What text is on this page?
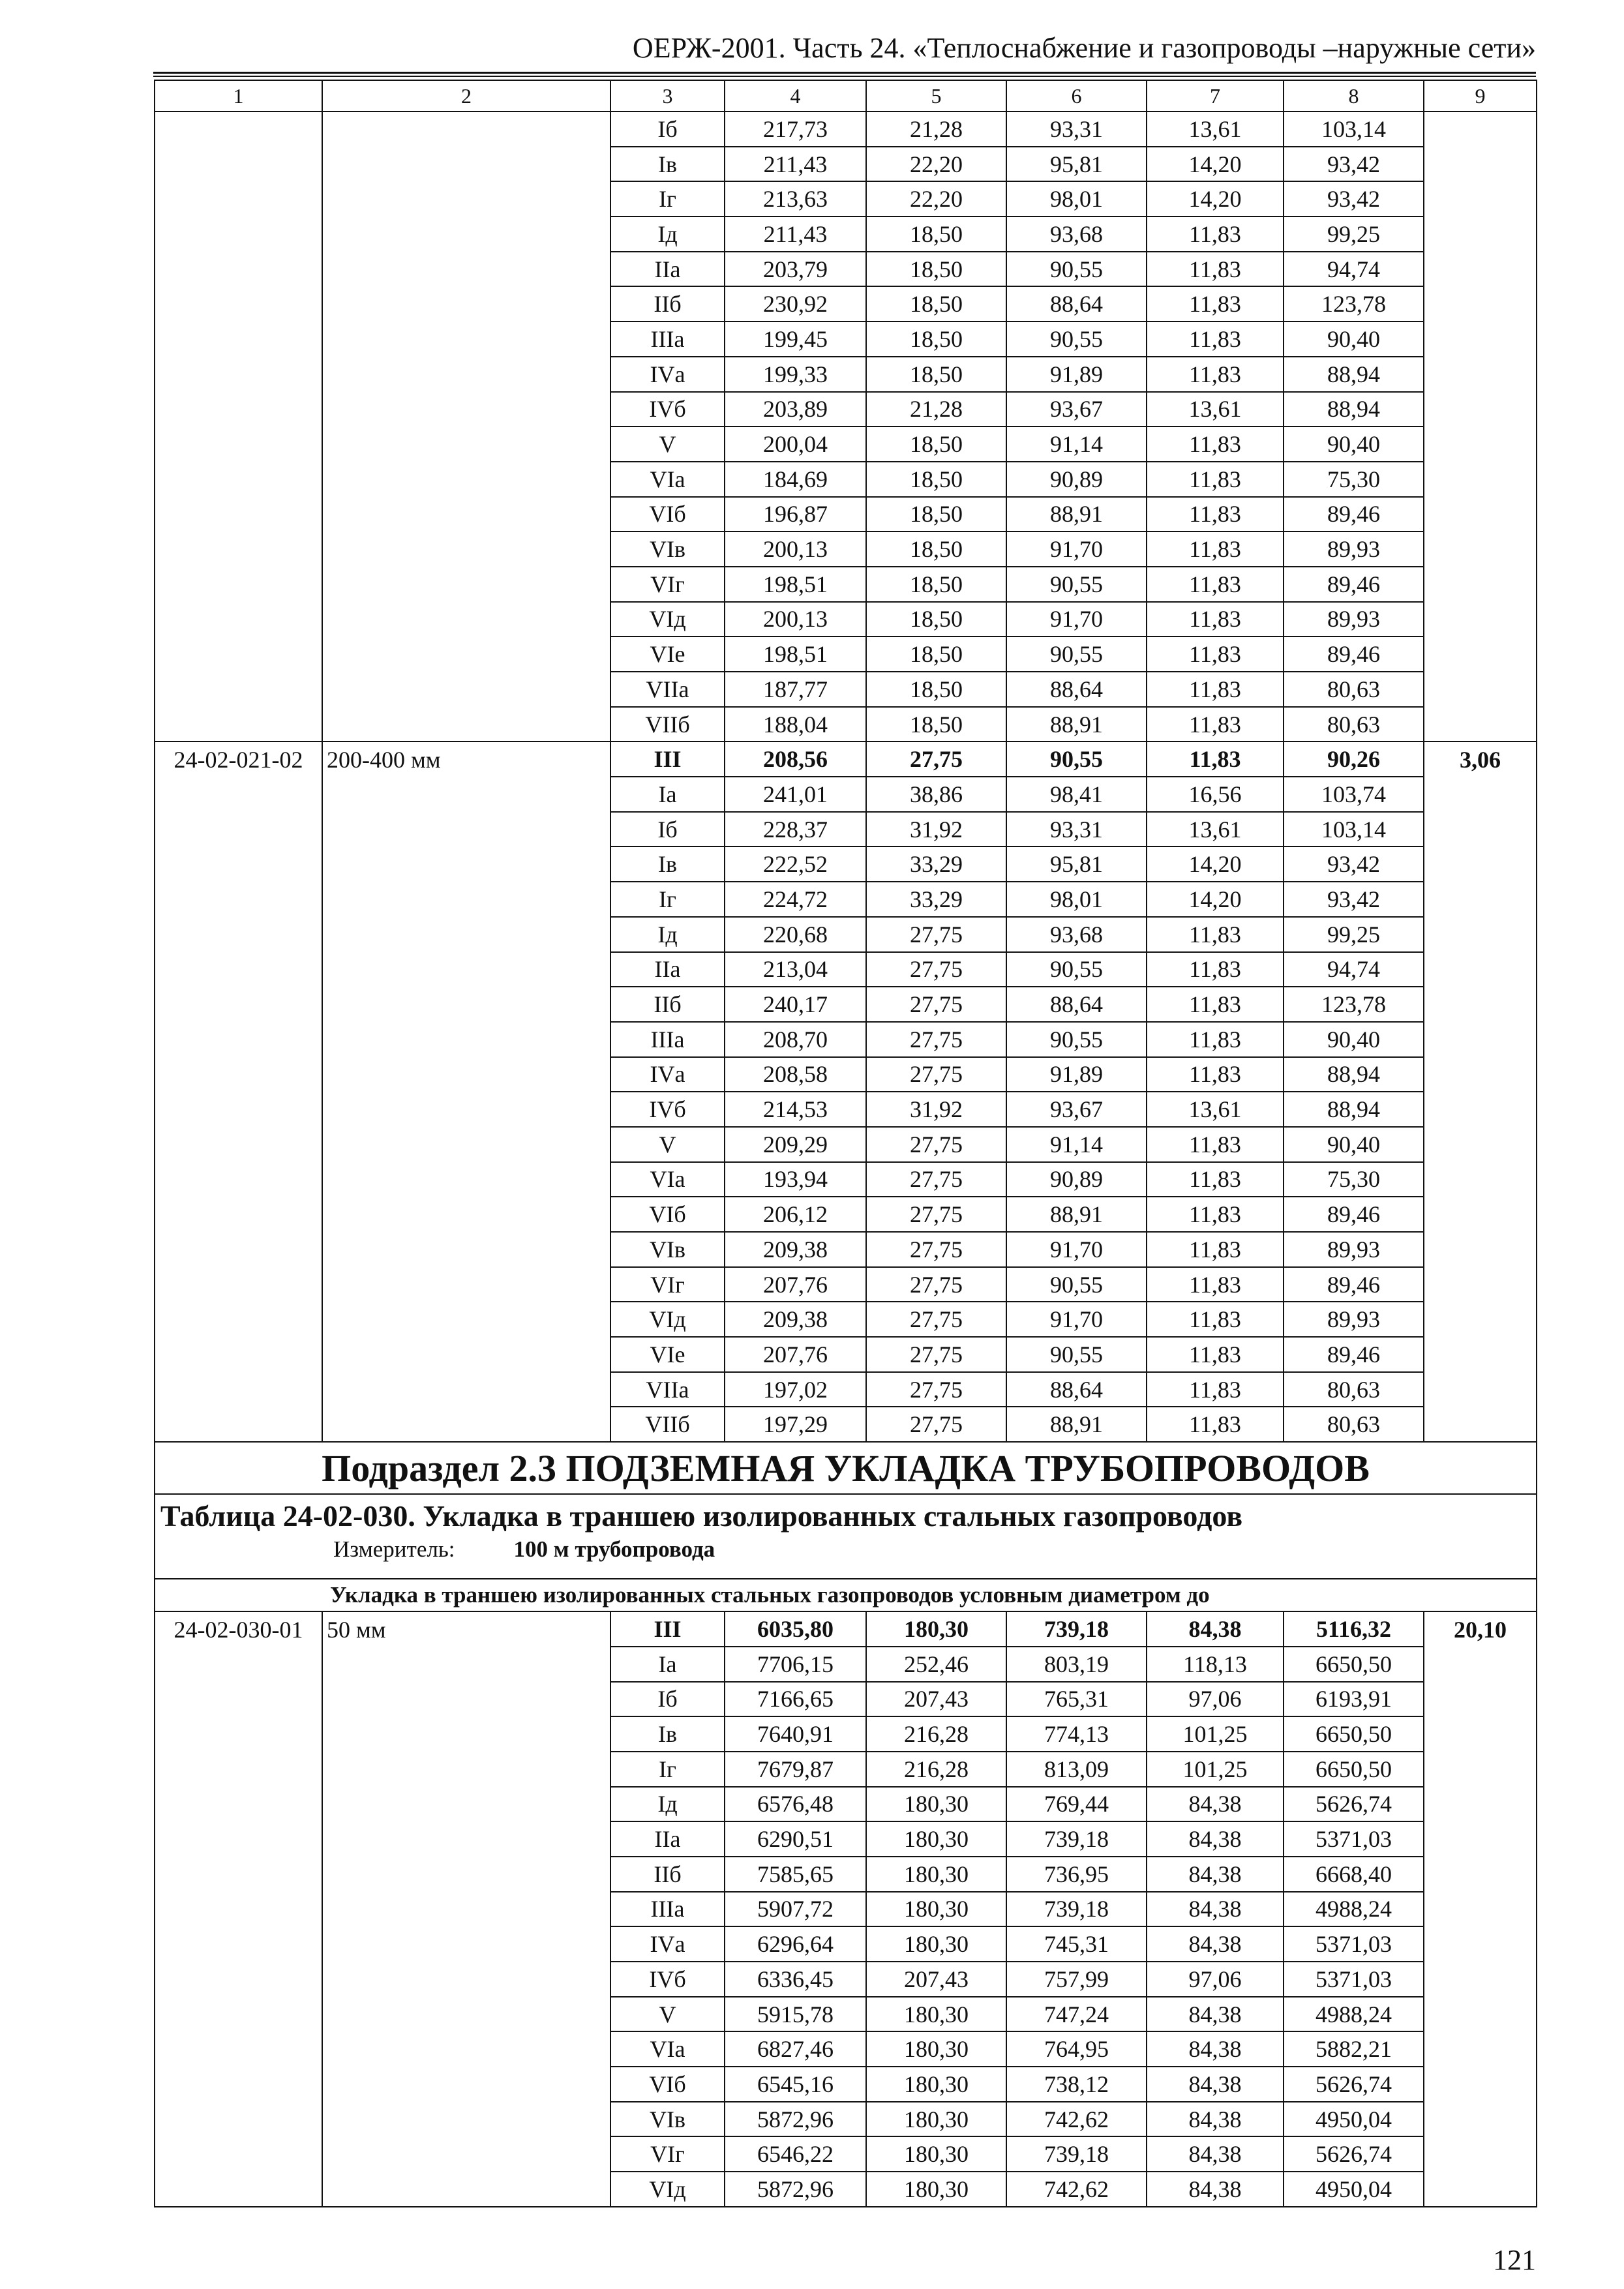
ОЕРЖ-2001. Часть 24. «Теплоснабжение и газопроводы –наружные сети»
1	2	3	4	5	6	7	8	9
		Iб	217,73	21,28	93,31	13,61	103,14	
		Iв	211,43	22,20	95,81	14,20	93,42	
		Iг	213,63	22,20	98,01	14,20	93,42	
		Iд	211,43	18,50	93,68	11,83	99,25	
		IIа	203,79	18,50	90,55	11,83	94,74	
		IIб	230,92	18,50	88,64	11,83	123,78	
		IIIа	199,45	18,50	90,55	11,83	90,40	
		IVа	199,33	18,50	91,89	11,83	88,94	
		IVб	203,89	21,28	93,67	13,61	88,94	
		V	200,04	18,50	91,14	11,83	90,40	
		VIа	184,69	18,50	90,89	11,83	75,30	
		VIб	196,87	18,50	88,91	11,83	89,46	
		VIв	200,13	18,50	91,70	11,83	89,93	
		VIг	198,51	18,50	90,55	11,83	89,46	
		VIд	200,13	18,50	91,70	11,83	89,93	
		VIе	198,51	18,50	90,55	11,83	89,46	
		VIIа	187,77	18,50	88,64	11,83	80,63	
		VIIб	188,04	18,50	88,91	11,83	80,63	
24-02-021-02	200-400 мм	III	208,56	27,75	90,55	11,83	90,26	3,06
		Iа	241,01	38,86	98,41	16,56	103,74	
		Iб	228,37	31,92	93,31	13,61	103,14	
		Iв	222,52	33,29	95,81	14,20	93,42	
		Iг	224,72	33,29	98,01	14,20	93,42	
		Iд	220,68	27,75	93,68	11,83	99,25	
		IIа	213,04	27,75	90,55	11,83	94,74	
		IIб	240,17	27,75	88,64	11,83	123,78	
		IIIа	208,70	27,75	90,55	11,83	90,40	
		IVа	208,58	27,75	91,89	11,83	88,94	
		IVб	214,53	31,92	93,67	13,61	88,94	
		V	209,29	27,75	91,14	11,83	90,40	
		VIа	193,94	27,75	90,89	11,83	75,30	
		VIб	206,12	27,75	88,91	11,83	89,46	
		VIв	209,38	27,75	91,70	11,83	89,93	
		VIг	207,76	27,75	90,55	11,83	89,46	
		VIд	209,38	27,75	91,70	11,83	89,93	
		VIе	207,76	27,75	90,55	11,83	89,46	
		VIIа	197,02	27,75	88,64	11,83	80,63	
		VIIб	197,29	27,75	88,91	11,83	80,63	
Подраздел 2.3 ПОДЗЕМНАЯ УКЛАДКА ТРУБОПРОВОДОВ								

Таблица 24-02-030. Укладка в траншею изолированных стальных газопроводов
Измеритель: 100 м трубопровода								

Укладка в траншею изолированных стальных газопроводов условным диаметром до								
24-02-030-01	50 мм	III	6035,80	180,30	739,18	84,38	5116,32	20,10
		Iа	7706,15	252,46	803,19	118,13	6650,50	
		Iб	7166,65	207,43	765,31	97,06	6193,91	
		Iв	7640,91	216,28	774,13	101,25	6650,50	
		Iг	7679,87	216,28	813,09	101,25	6650,50	
		Iд	6576,48	180,30	769,44	84,38	5626,74	
		IIа	6290,51	180,30	739,18	84,38	5371,03	
		IIб	7585,65	180,30	736,95	84,38	6668,40	
		IIIа	5907,72	180,30	739,18	84,38	4988,24	
		IVа	6296,64	180,30	745,31	84,38	5371,03	
		IVб	6336,45	207,43	757,99	97,06	5371,03	
		V	5915,78	180,30	747,24	84,38	4988,24	
		VIа	6827,46	180,30	764,95	84,38	5882,21	
		VIб	6545,16	180,30	738,12	84,38	5626,74	
		VIв	5872,96	180,30	742,62	84,38	4950,04	
		VIг	6546,22	180,30	739,18	84,38	5626,74	
		VIд	5872,96	180,30	742,62	84,38	4950,04	
121
